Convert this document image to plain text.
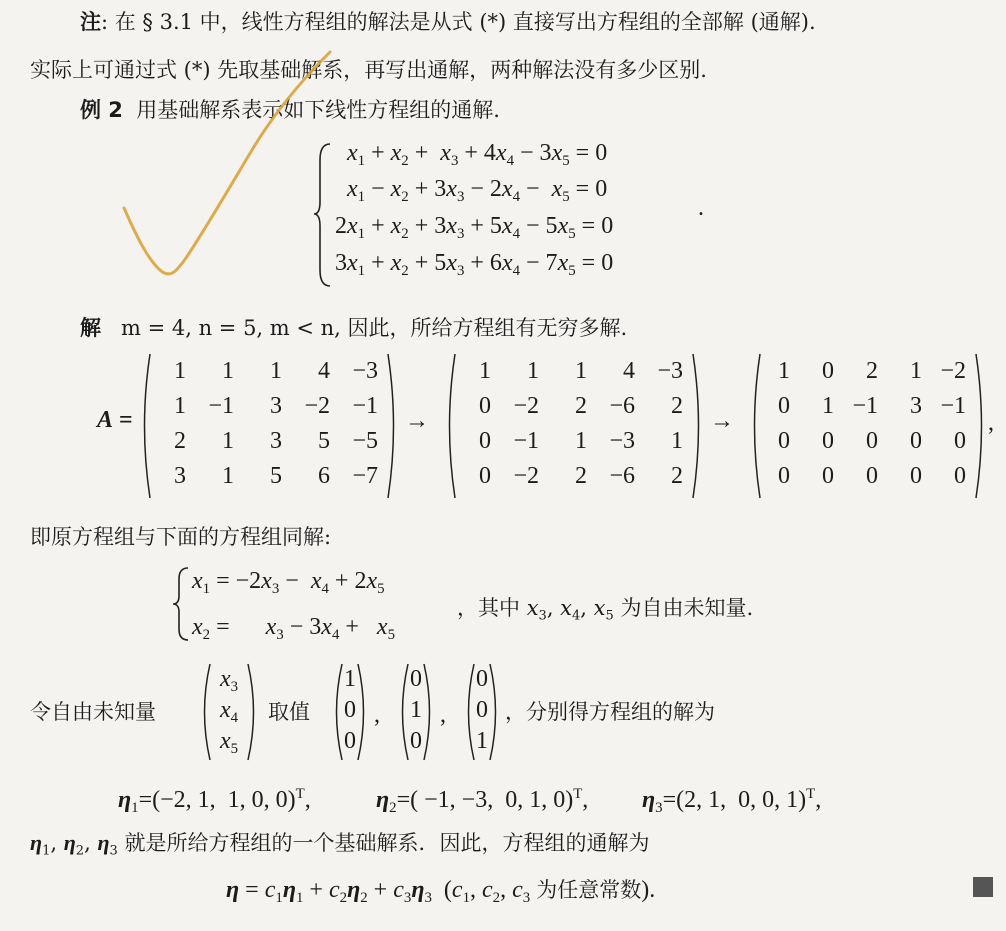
注: 在 § 3.1 中，线性方程组的解法是从式 (*) 直接写出方程组的全部解 (通解).
实际上可通过式 (*) 先取基础解系，再写出通解，两种解法没有多少区别.
例 2 用基础解系表示如下线性方程组的通解.
$x_1 + x_2 + x_3 + 4x_4 - 3x_5 = 0$
$x_1 - x_2 + 3x_3 - 2x_4 - x_5 = 0$
$2x_1 + x_2 + 3x_3 + 5x_4 - 5x_5 = 0$
$3x_1 + x_2 + 5x_3 + 6x_4 - 7x_5 = 0$
.
解 m = 4, n = 5, m < n, 因此，所给方程组有无穷多解.
A =
1	1	1	4 −3
1 −1	3 −2 −1
2	1	3	5 −5
3	1	5	6 −7
→
1	1	1	4 −3
0 −2	2 −6	2
0 −1	1 −3	1
0 −2	2 −6	2
→
1	0	2	1 −2
0	1 −1	3 −1
0	0	0	0	0
0	0	0	0	0
,
即原方程组与下面的方程组同解:
$x_1 = -2x_3 - x_4 + 2x_5$
$x_2$ =      $x_3 - 3x_4 + x_5$
，其中 $x_3$, $x_4$, $x_5$ 为自由未知量.
令自由未知量
$x_3$
$x_4$
$x_5$
取值
1
0
0
,
0
1
0
,
0
0
1
，分别得方程组的解为
$\eta_1=(-2$, 1,  1, 0, 0)$^T$,	$\eta_2=( -1$, −3,  0, 1, 0)$^T$, $\eta_3=(2$, 1,  0, 0, 1)$^T$,
$\eta_1$, $\eta_2$, $\eta_3$ 就是所给方程组的一个基础解系．因此，方程组的通解为
$\eta = c_1\eta_1 + c_2\eta_2 + c_3\eta_3$  ($c_1$, $c_2$, $c_3$ 为任意常数).
